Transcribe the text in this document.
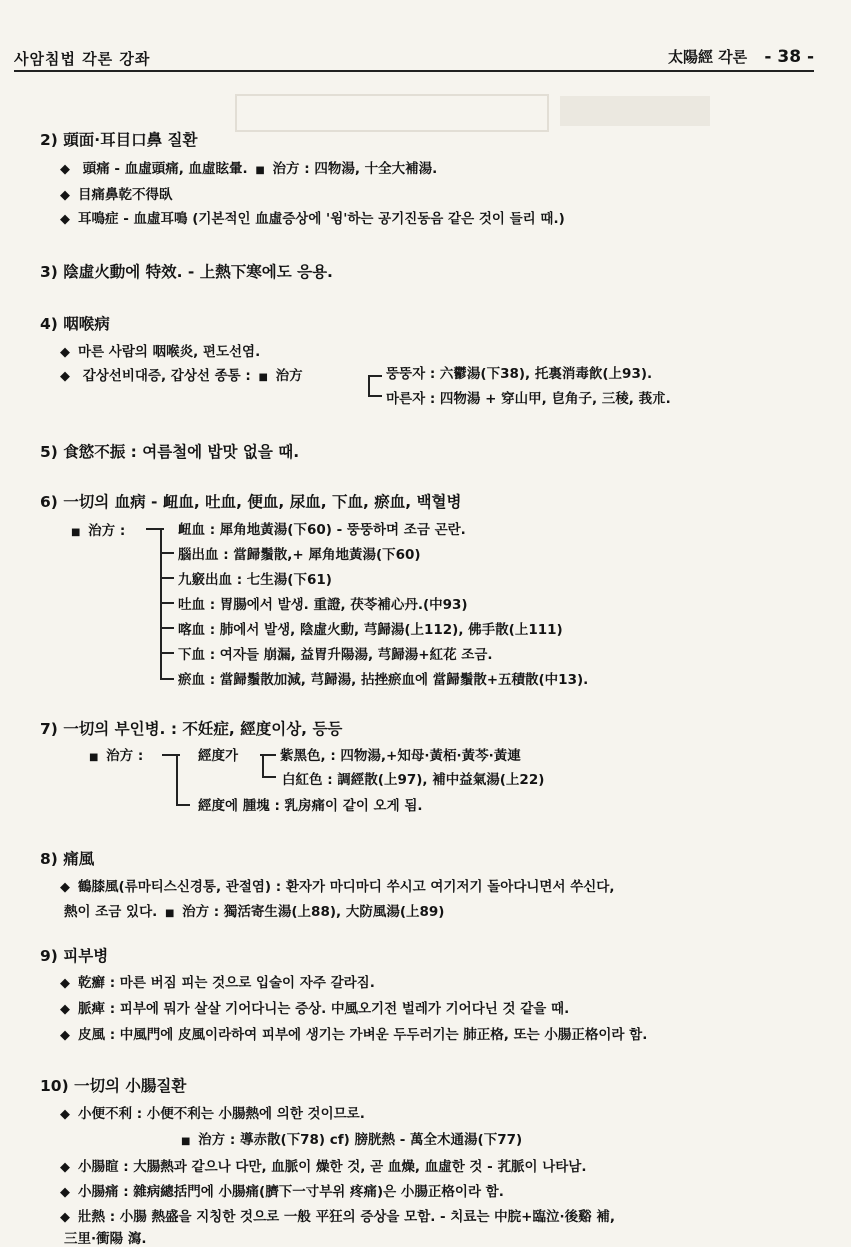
사암침법 각론 강좌	太陽經 각론 - 38 -
2) 頭面·耳目口鼻 질환
◆ 頭痛 - 血虛頭痛, 血虛眩暈. ■ 治方 : 四物湯, 十全大補湯.
◆ 目痛鼻乾不得臥
◆ 耳鳴症 - 血虛耳鳴 (기본적인 血虛증상에 '윙'하는 공기진동음 같은 것이 들리 때.)
3) 陰虛火動에 特效. - 上熱下寒에도 응용.
4) 咽喉病
◆ 마른 사람의 咽喉炎, 편도선염.
◆ 갑상선비대증, 갑상선 종통 : ■ 治方	뚱뚱자 : 六鬱湯(下38), 托裏消毒飮(上93).
마른자 : 四物湯 + 穿山甲, 皀角子, 三稜, 莪朮.
5) 食慾不振 : 여름철에 밥맛 없을 때.
6) 一切의 血病 - 衄血, 吐血, 便血, 尿血, 下血, 瘀血, 백혈병
■ 治方 :	衄血 : 犀角地黃湯(下60) - 뚱뚱하며 조금 곤란.
腦出血 : 當歸鬚散,+ 犀角地黃湯(下60)
九竅出血 : 七生湯(下61)
吐血 : 胃腸에서 발생. 重證, 茯苓補心丹.(中93)
喀血 : 肺에서 발생, 陰虛火動, 芎歸湯(上112), 佛手散(上111)
下血 : 여자들 崩漏, 益胃升陽湯, 芎歸湯+紅花 조금.
瘀血 : 當歸鬚散加減, 芎歸湯, 拈挫瘀血에 當歸鬚散+五積散(中13).
7) 一切의 부인병. : 不妊症, 經度이상, 등등
■ 治方 :	經度가	紫黑色, : 四物湯,+知母·黃栢·黃芩·黃連
白紅色 : 調經散(上97), 補中益氣湯(上22)
經度에 腫塊 : 乳房痛이 같이 오게 됨.
8) 痛風
◆ 鶴膝風(류마티스신경통, 관절염) : 환자가 마디마디 쑤시고 여기저기 돌아다니면서 쑤신다,
熱이 조금 있다. ■ 治方 : 獨活寄生湯(上88), 大防風湯(上89)
9) 피부병
◆ 乾癬 : 마른 버짐 피는 것으로 입술이 자주 갈라짐.
◆ 脈痺 : 피부에 뭐가 살살 기어다니는 증상. 中風오기전 벌레가 기어다닌 것 같을 때.
◆ 皮風 : 中風門에 皮風이라하여 피부에 생기는 가벼운 두두러기는 肺正格, 또는 小腸正格이라 함.
10) 一切의 小腸질환
◆ 小便不利 : 小便不利는 小腸熱에 의한 것이므로.
■ 治方 : 導赤散(下78) cf) 膀胱熱 - 萬全木通湯(下77)
◆ 小腸睻 : 大腸熱과 같으나 다만, 血脈이 燥한 것, 곧 血燥, 血虛한 것 - 芤脈이 나타남.
◆ 小腸痛 : 雜病總括門에 小腸痛(臍下一寸부위 疼痛)은 小腸正格이라 함.
◆ 壯熱 : 小腸 熱盛을 지칭한 것으로 一般 平狂의 증상을 모함. - 치료는 中脘+臨泣·後谿 補,
三里·衝陽 瀉.
